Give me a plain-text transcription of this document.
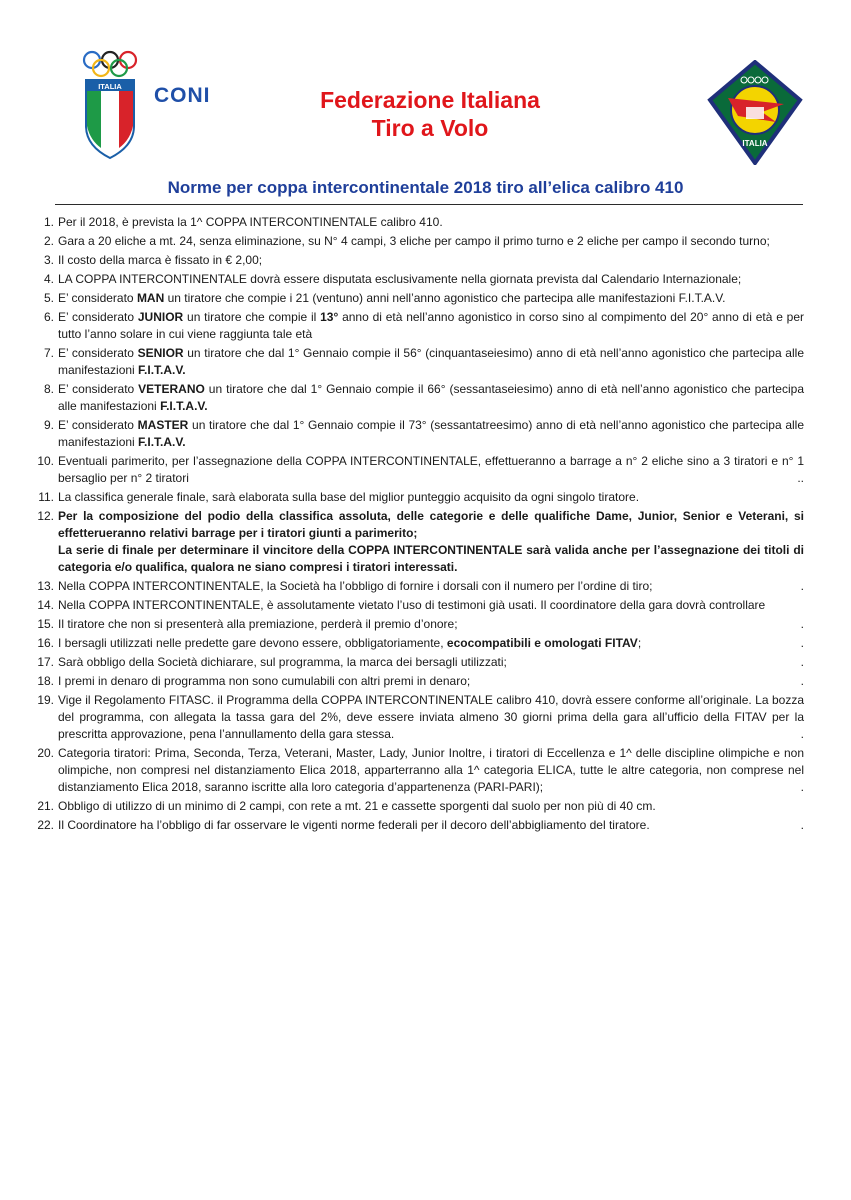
ITALIA CONI	Federazione Italiana
Tiro a Volo
ITALIA
Norme per coppa intercontinentale 2018 tiro all’elica calibro 410
1. Per il 2018, è prevista la 1^ COPPA INTERCONTINENTALE calibro 410.
2. Gara a 20 eliche a mt. 24, senza eliminazione, su N° 4 campi, 3 eliche per campo il primo turno e 2 eliche per campo il secondo turno;
3. Il costo della marca è fissato in € 2,00;
4. LA COPPA INTERCONTINENTALE dovrà essere disputata esclusivamente nella giornata prevista dal Calendario Internazionale;
5. E’ considerato MAN un tiratore che compie i 21 (ventuno) anni nell’anno agonistico che partecipa alle manifestazioni F.I.T.A.V.
6. E’ considerato JUNIOR un tiratore che compie il 13° anno di età nell’anno agonistico in corso sino al compimento del 20° anno di età e per tutto l’anno solare in cui viene raggiunta tale età
7. E’ considerato SENIOR un tiratore che dal 1° Gennaio compie il 56° (cinquantaseiesimo) anno di età nell’anno agonistico che partecipa alle manifestazioni F.I.T.A.V.
8. E’ considerato VETERANO un tiratore che dal 1° Gennaio compie il 66° (sessantaseiesimo) anno di età nell’anno agonistico che partecipa alle manifestazioni F.I.T.A.V.
9. E’ considerato MASTER un tiratore che dal 1° Gennaio compie il 73° (sessantatreesimo) anno di età nell’anno agonistico che partecipa alle manifestazioni F.I.T.A.V.
10. Eventuali parimerito, per l’assegnazione della COPPA INTERCONTINENTALE, effettueranno a barrage a n° 2 eliche sino a 3 tiratori e n° 1 bersaglio per n° 2 tiratori	..
11. La classifica generale finale, sarà elaborata sulla base del miglior punteggio acquisito da ogni singolo tiratore.
12. Per la composizione del podio della classifica assoluta, delle categorie e delle qualifiche Dame, Junior, Senior e Veterani, si effetterueranno relativi barrage per i tiratori giunti a parimerito;
La serie di finale per determinare il vincitore della COPPA INTERCONTINENTALE sarà valida anche per l’assegnazione dei titoli di categoria e/o qualifica, qualora ne siano compresi i tiratori interessati.
13. Nella COPPA INTERCONTINENTALE, la Società ha l’obbligo di fornire i dorsali con il numero per l’ordine di tiro;	.
14. Nella COPPA INTERCONTINENTALE, è assolutamente vietato l’uso di testimoni già usati. Il coordinatore della gara dovrà controllare
15. Il tiratore che non si presenterà alla premiazione, perderà il premio d’onore;	.
16. I bersagli utilizzati nelle predette gare devono essere, obbligatoriamente, ecocompatibili e omologati FITAV;	.
17. Sarà obbligo della Società dichiarare, sul programma, la marca dei bersagli utilizzati;	.
18. I premi in denaro di programma non sono cumulabili con altri premi in denaro;	.
19. Vige il Regolamento FITASC. il Programma della COPPA INTERCONTINENTALE calibro 410, dovrà essere conforme all’originale. La bozza del programma, con allegata la tassa gara del 2%, deve essere inviata almeno 30 giorni prima della gara all’ufficio della FITAV per la prescritta approvazione, pena l’annullamento della gara stessa.	.
20. Categoria tiratori: Prima, Seconda, Terza, Veterani, Master, Lady, Junior Inoltre, i tiratori di Eccellenza e 1^ delle discipline olimpiche e non olimpiche, non compresi nel distanziamento Elica 2018, apparterranno alla 1^ categoria ELICA, tutte le altre categoria, non comprese nel distanziamento Elica 2018, saranno iscritte alla loro categoria d’appartenenza (PARI-PARI);	.
21. Obbligo di utilizzo di un minimo di 2 campi, con rete a mt. 21 e cassette sporgenti dal suolo per non più di 40 cm.
22. Il Coordinatore ha l’obbligo di far osservare le vigenti norme federali per il decoro dell’abbigliamento del tiratore.	.
